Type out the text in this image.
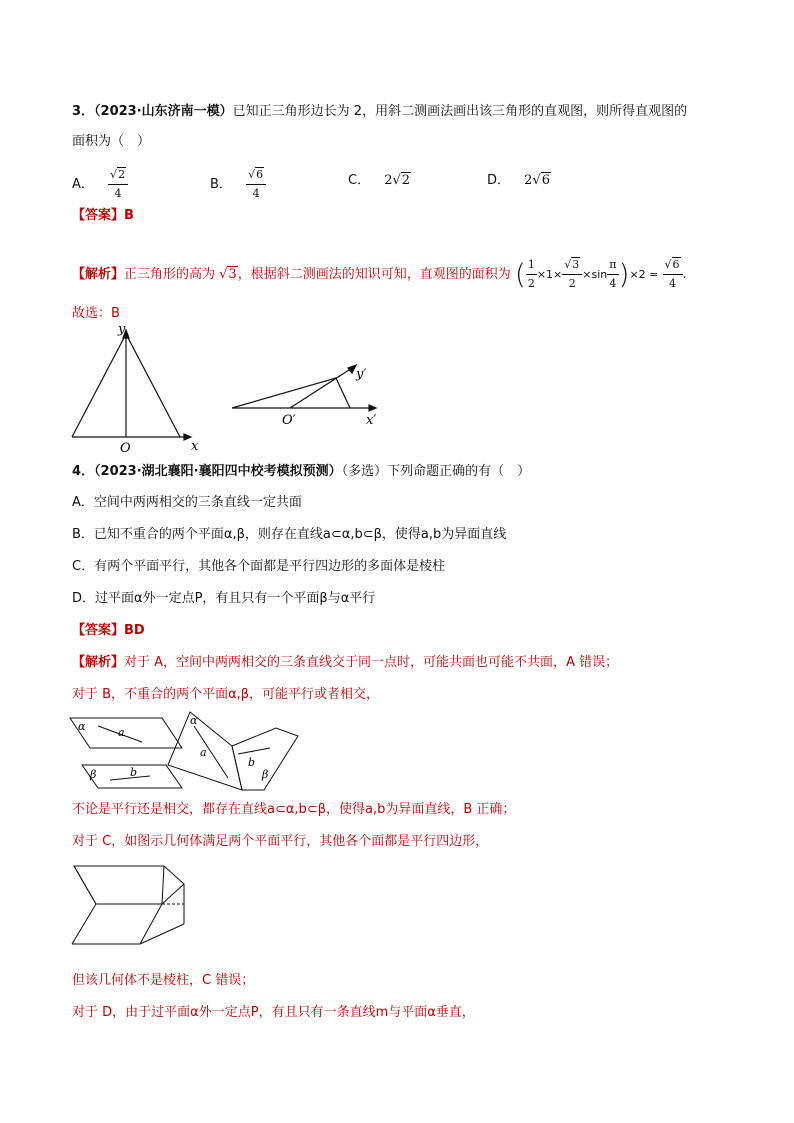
3．（2023·山东济南一模）已知正三角形边长为 2，用斜二测画法画出该三角形的直观图，则所得直观图的
面积为（　）
A． $\frac{√2}{4}$	B． $\frac{√6}{4}$	C． 2√2	D． 2√6
【答案】B
【解析】正三角形的高为 √3，根据斜二测画法的知识可知，直观图的面积为 ( $\frac{1}{2} \times 1\times \frac{√3}{2} \times\sin \frac{\pi}{4} )\times 2 = \frac{√6}{4}$ .
故选：B
y
O	x
y′
O′	x′
4．（2023·湖北襄阳·襄阳四中校考模拟预测）（多选）下列命题正确的有（　）
A．空间中两两相交的三条直线一定共面
B．已知不重合的两个平面α,β，则存在直线a⊂α,b⊂β，使得a,b为异面直线
C．有两个平面平行，其他各个面都是平行四边形的多面体是棱柱
D．过平面α外一定点P，有且只有一个平面β与α平行
【答案】BD
【解析】对于 A，空间中两两相交的三条直线交于同一点时，可能共面也可能不共面，A 错误；
对于 B，不重合的两个平面α,β，可能平行或者相交，
α	a
β	b
α
a
b
β
不论是平行还是相交，都存在直线a⊂α,b⊂β，使得a,b为异面直线，B 正确；
对于 C，如图示几何体满足两个平面平行，其他各个面都是平行四边形，
但该几何体不是棱柱，C 错误；
对于 D，由于过平面α外一定点P，有且只有一条直线m与平面α垂直，
